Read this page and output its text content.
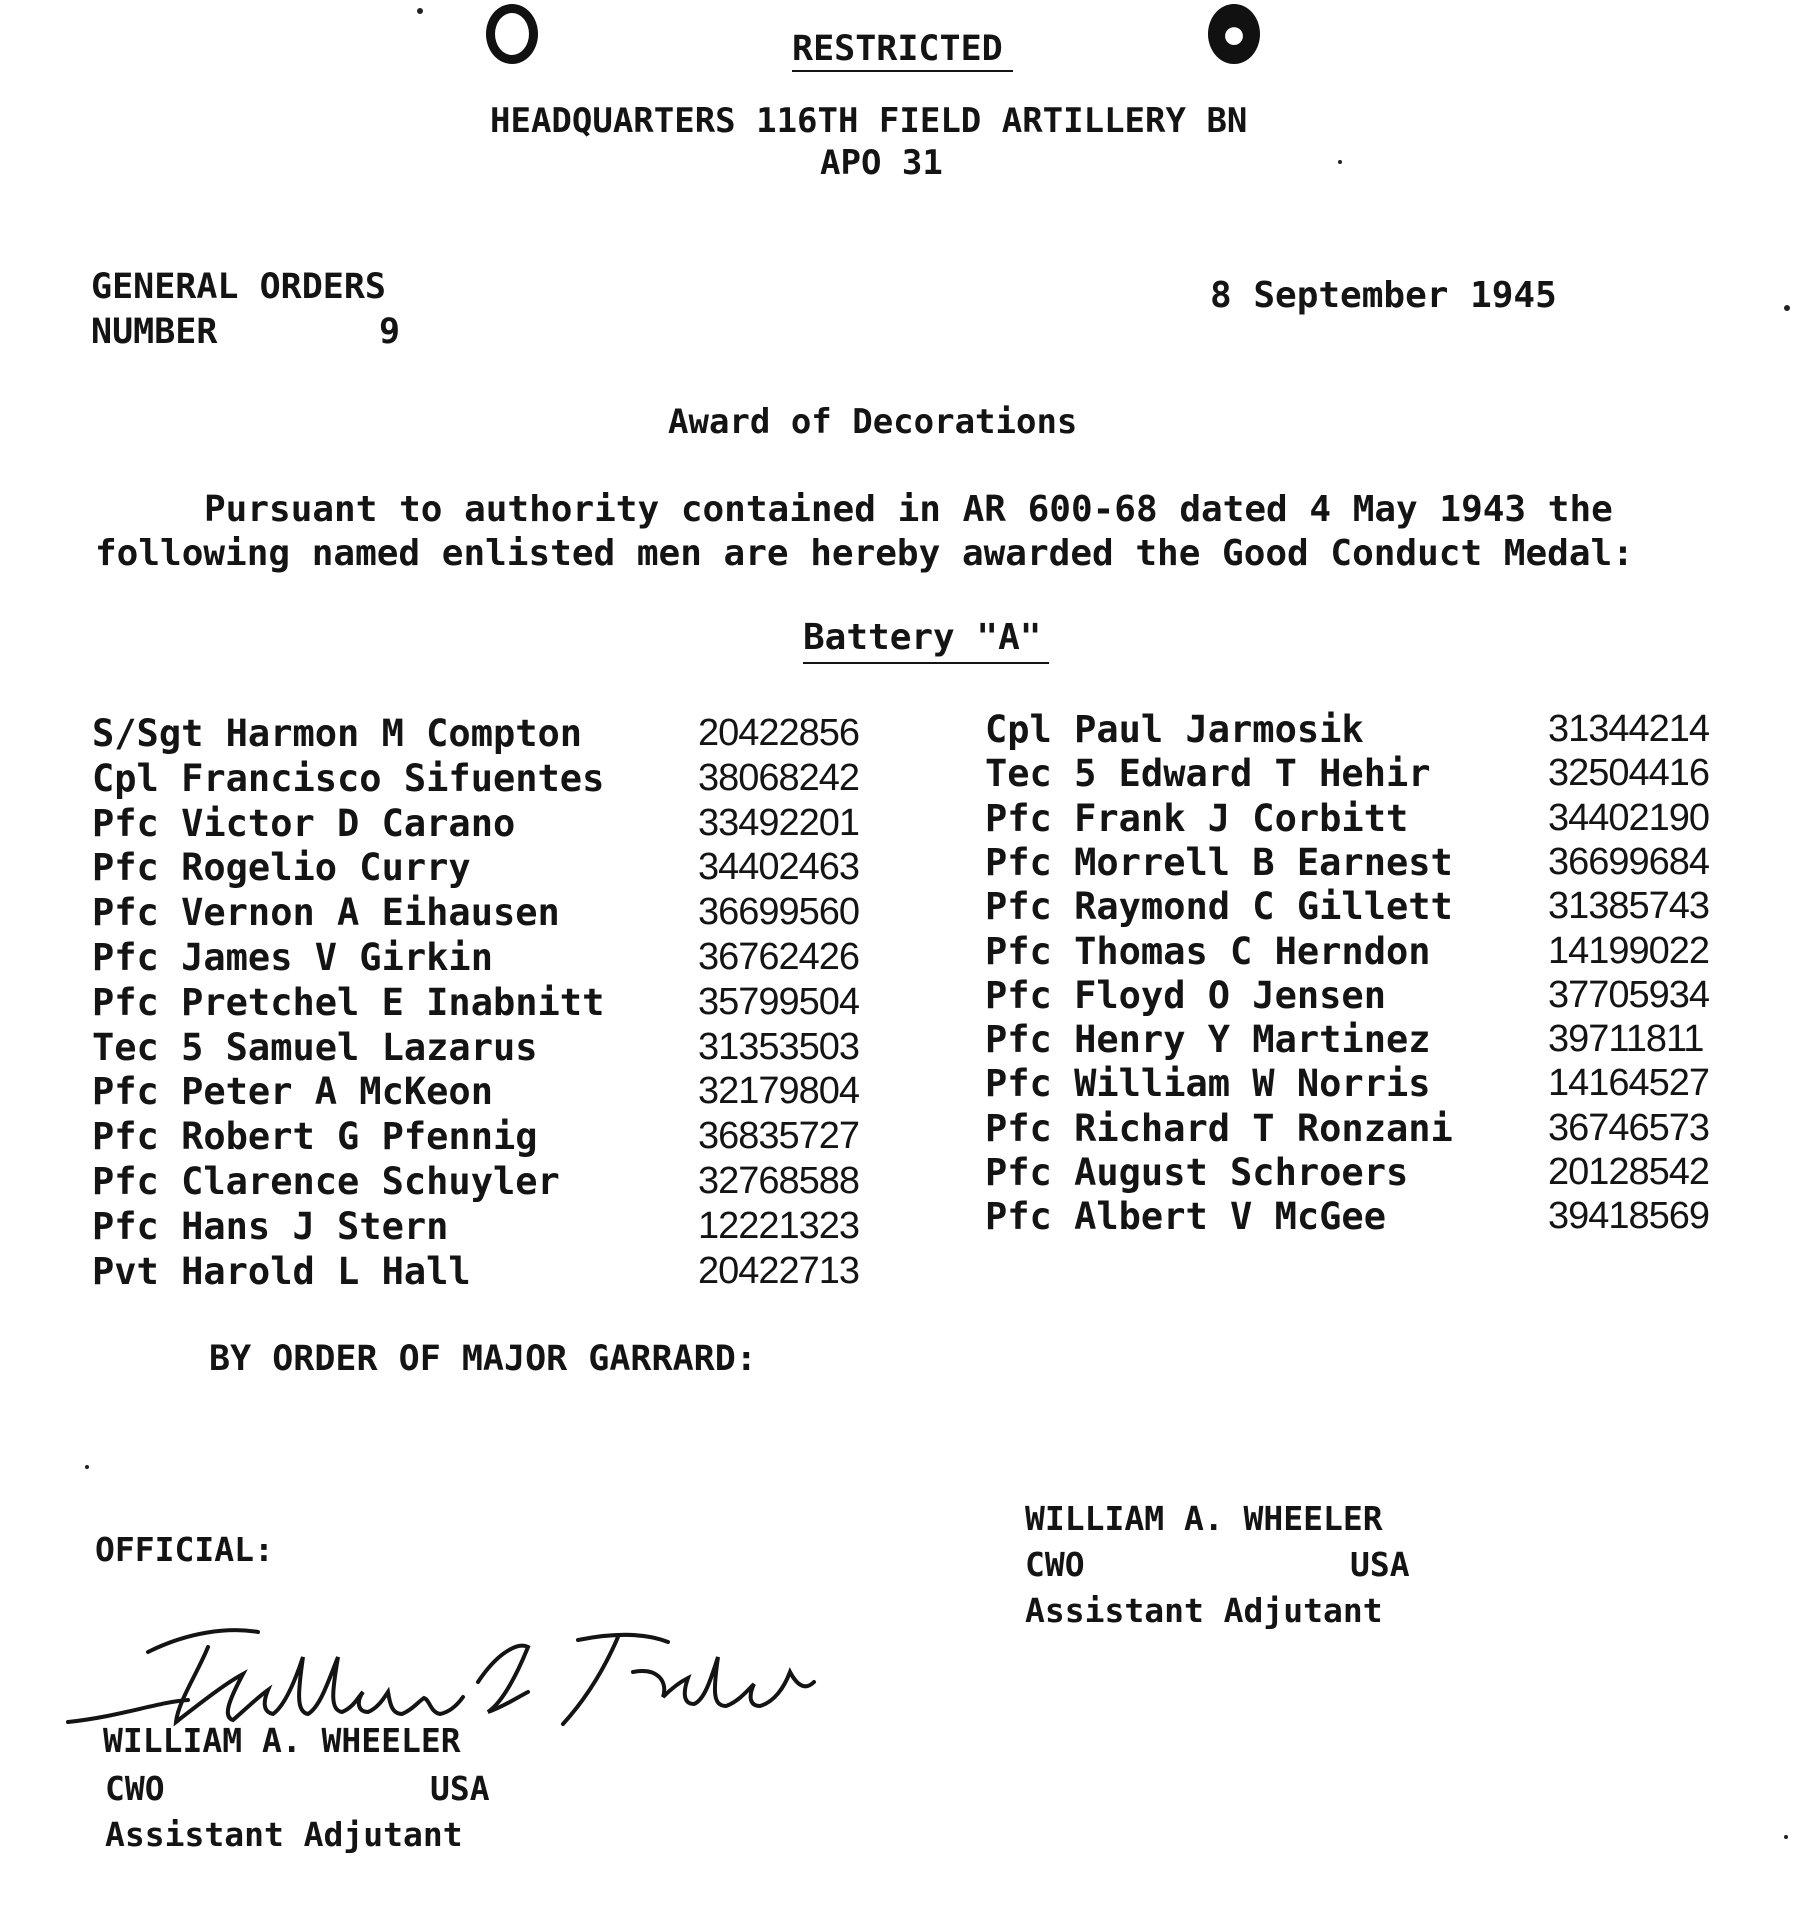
RESTRICTED
HEADQUARTERS 116TH FIELD ARTILLERY BN
APO 31
GENERAL ORDERS
NUMBER	9
8 September 1945
Award of Decorations
Pursuant to authority contained in AR 600-68 dated 4 May 1943 the
following named enlisted men are hereby awarded the Good Conduct Medal:
Battery "A"
S/Sgt Harmon M Compton	20422856
Cpl Francisco Sifuentes 38068242
Pfc Victor D Carano	33492201
Pfc Rogelio Curry	34402463
Pfc Vernon A Eihausen	36699560
Pfc James V Girkin	36762426
Pfc Pretchel E Inabnitt 35799504
Tec 5 Samuel Lazarus	31353503
Pfc Peter A McKeon	32179804
Pfc Robert G Pfennig	36835727
Pfc Clarence Schuyler	32768588
Pfc Hans J Stern	12221323
Pvt Harold L Hall	20422713
Cpl Paul Jarmosik	31344214
Tec 5 Edward T Hehir	32504416
Pfc Frank J Corbitt	34402190
Pfc Morrell B Earnest	36699684
Pfc Raymond C Gillett	31385743
Pfc Thomas C Herndon	14199022
Pfc Floyd O Jensen	37705934
Pfc Henry Y Martinez	39711811
Pfc William W Norris	14164527
Pfc Richard T Ronzani	36746573
Pfc August Schroers	20128542
Pfc Albert V McGee	39418569
BY ORDER OF MAJOR GARRARD:
WILLIAM A. WHEELER
CWO	USA
Assistant Adjutant
OFFICIAL:
WILLIAM A. WHEELER
CWO	USA
Assistant Adjutant
